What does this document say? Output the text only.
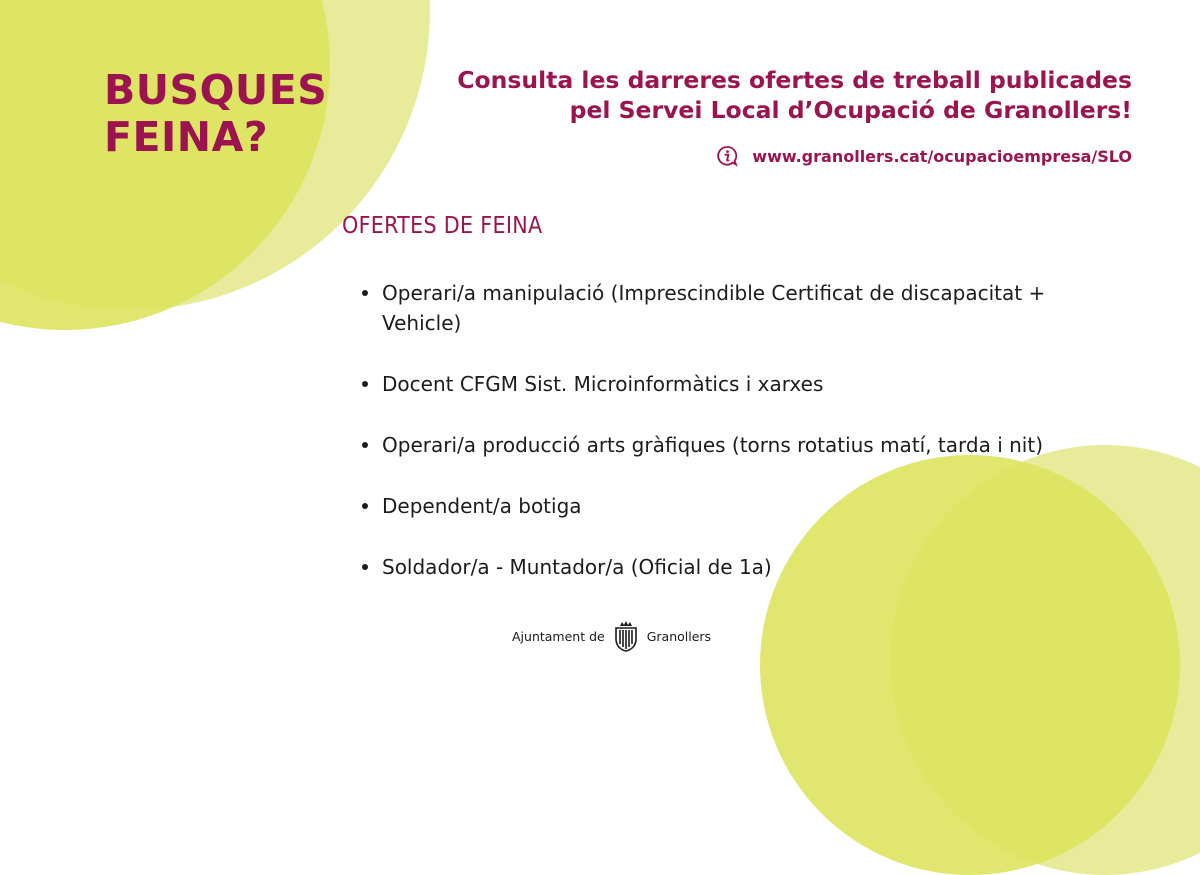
BUSQUES
FEINA?

Consulta les darreres ofertes de treball publicades
pel Servei Local d’Ocupació de Granollers!

www.granollers.cat/ocupacioempresa/SLO
OFERTES DE FEINA
Operari/a manipulació (Imprescindible Certificat de discapacitat + Vehicle)
Docent CFGM Sist. Microinformàtics i xarxes
Operari/a producció arts gràfiques (torns rotatius matí, tarda i nit)
Dependent/a botiga
Soldador/a - Muntador/a (Oficial de 1a)
Ajuntament de	Granollers
